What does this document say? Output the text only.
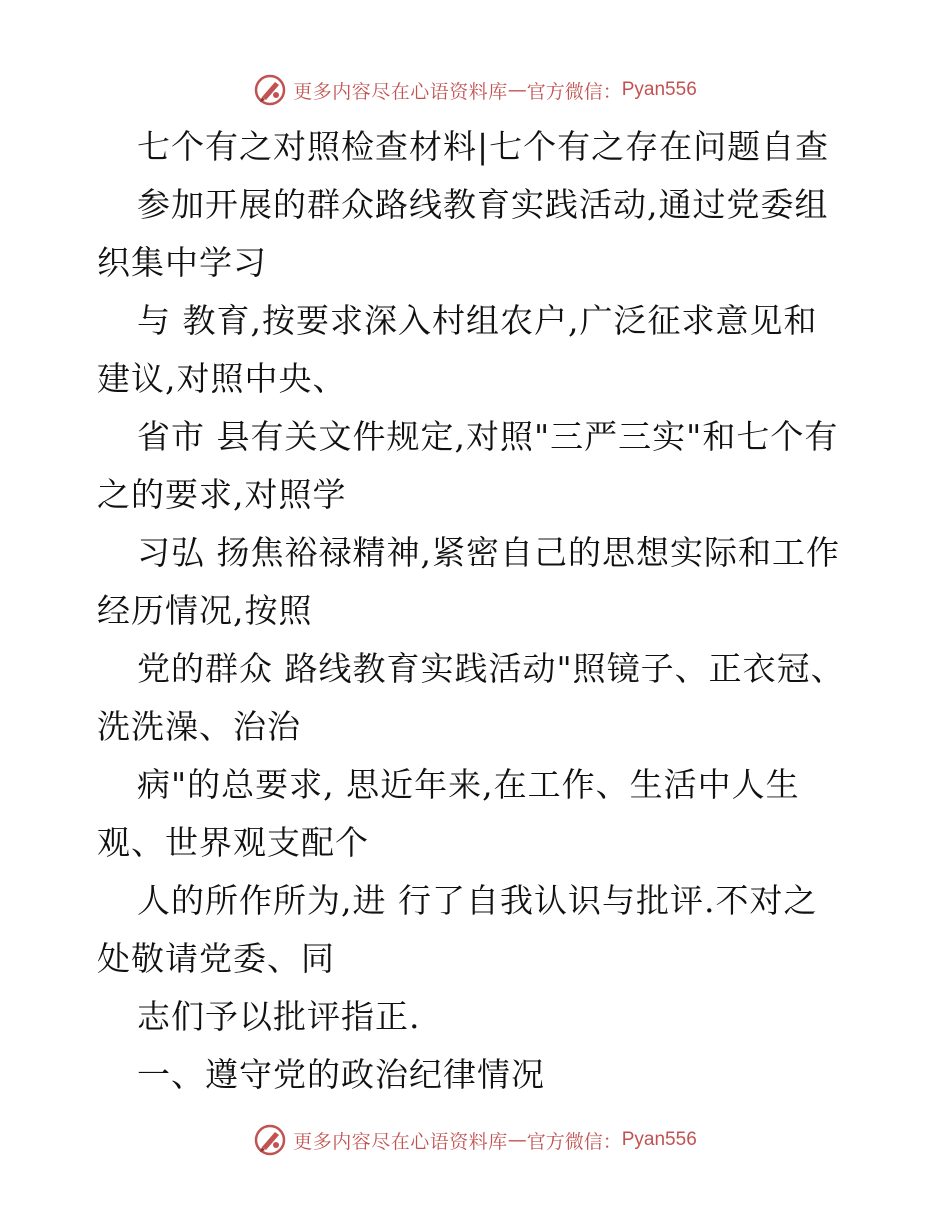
更多内容尽在心语资料库 — 官方微信： Pyan556
七个有之对照检查材料|七个有之存在问题自查
参加开展的群众路线教育实践活动,通过党委组
织集中学习
与 教育,按要求深入村组农户,广泛征求意见和
建议,对照中央、
省市 县有关文件规定,对照"三严三实"和七个有
之的要求,对照学
习弘 扬焦裕禄精神,紧密自己的思想实际和工作
经历情况,按照
党的群众 路线教育实践活动"照镜子、正衣冠、
洗洗澡、治治
病"的总要求, 思近年来,在工作、生活中人生
观、世界观支配个
人的所作所为,进 行了自我认识与批评.不对之
处敬请党委、同
志们予以批评指正.
一、遵守党的政治纪律情况
更多内容尽在心语资料库 — 官方微信： Pyan556
